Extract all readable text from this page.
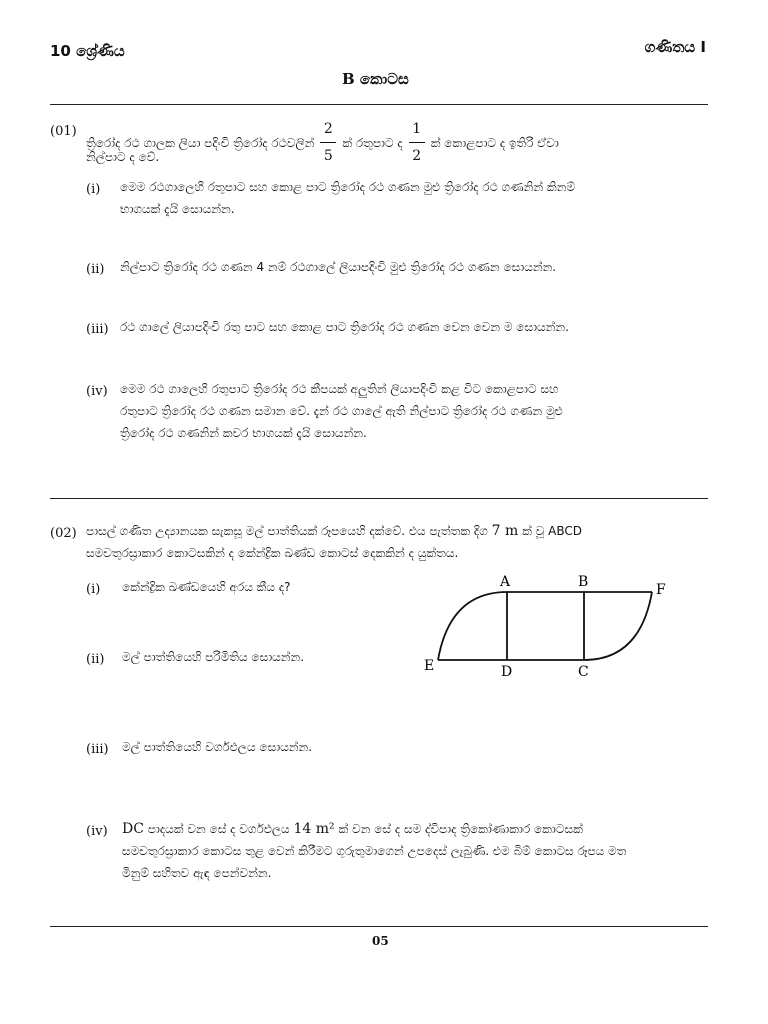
10 ශ්‍රේණිය	ගණිතය I
B කොටස
(01)
ත්‍රිරෝද රථ ගාලක ලියා පදිංචි ත්‍රිරෝද රථවලින් $\frac{2}{5}$ ක් රතුපාට ද $\frac{1}{2}$ ක් කොළපාට ද ඉතිරි ඒවා
නිල්පාට ද වේ.
(i) මෙම රථගාලෙහි රතුපාට සහ කොළ පාට ත්‍රිරෝද රථ ගණන මුළු ත්‍රිරෝද රථ ගණනින් කිනම්
භාගයක් දැයි සොයන්න.
(ii) නිල්පාට ත්‍රිරෝද රථ ගණන 4 නම් රථගාලේ ලියාපදිංචි මුළු ත්‍රිරෝද රථ ගණන සොයන්න.
(iii) රථ ගාලේ ලියාපදිංචි රතු පාට සහ කොළ පාට ත්‍රිරෝද රථ ගණන වෙන වෙන ම සොයන්න.
(iv) මෙම රථ ගාලෙහි රතුපාට ත්‍රිරෝද රථ කීපයක් අලුතින් ලියාපදිංචි කළ විට කොළපාට සහ
රතුපාට ත්‍රිරෝද රථ ගණන සමාන වේ. දැන් රථ ගාලේ ඇති නිල්පාට ත්‍රිරෝද රථ ගණන මුළු
ත්‍රිරෝද රථ ගණනින් කවර භාගයක් දැයි සොයන්න.
(02) පාසල් ගණිත උද්‍යානයක සැකසූ මල් පාත්තියක් රූපයෙහි දක්වේ. එය පැත්තක දිග 7 m ක් වූ ABCD
සමචතුරස්‍රාකාර කොටසකින් ද කේන්ද්‍රික ඛණ්ඩ කොටස් දෙකකින් ද යුක්තය.
(i) කේන්ද්‍රික ඛණ්ඩයෙහි අරය කීය ද?
(ii) මල් පාත්තියෙහි පරිමිතිය සොයන්න.
(iii) මල් පාත්තියෙහි වර්ගඵලය සොයන්න.
A	B	F
E	D	C
(iv) DC පාදයක් වන සේ ද වර්ගඵලය 14 m² ක් වන සේ ද සම ද්විපාද ත්‍රිකෝණාකාර කොටසක්
සමචතුරස්‍රාකාර කොටස තුළ වෙන් කිරීමට ගුරුතුමාගෙන් උපදෙස් ලැබුණි. එම බිම් කොටස රූපය මත
මිනුම් සහිතව ඇඳ පෙන්වන්න.
05
